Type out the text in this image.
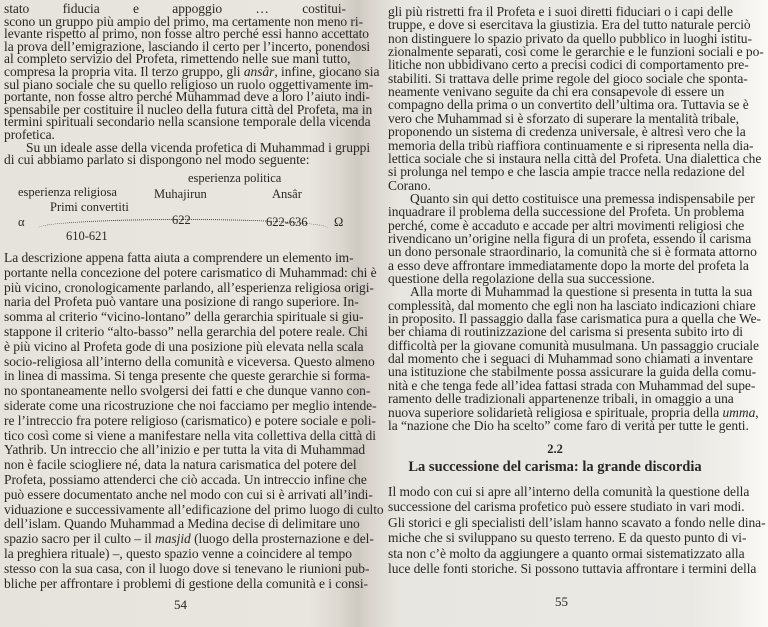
stato fiducia e appoggio … costitui-
scono un gruppo più ampio del primo, ma certamente non meno ri-
levante rispetto al primo, non fosse altro perché essi hanno accettato
la prova dell’emigrazione, lasciando il certo per l’incerto, ponendosi
al completo servizio del Profeta, rimettendo nelle sue mani tutto,
compresa la propria vita. Il terzo gruppo, gli ansâr, infine, giocano sia
sul piano sociale che su quello religioso un ruolo oggettivamente im-
portante, non fosse altro perché Muhammad deve a loro l’aiuto indi-
spensabile per costituire il nucleo della futura città del Profeta, ma in
termini spirituali secondario nella scansione temporale della vicenda
profetica.
Su un ideale asse della vicenda profetica di Muhammad i gruppi
di cui abbiamo parlato si dispongono nel modo seguente:
esperienza politica
esperienza religiosa	Muhajirun	Ansâr
Primi convertiti
α	622	622-636 Ω
610-621
La descrizione appena fatta aiuta a comprendere un elemento im-
portante nella concezione del potere carismatico di Muhammad: chi è
più vicino, cronologicamente parlando, all’esperienza religiosa origi-
naria del Profeta può vantare una posizione di rango superiore. In-
somma al criterio “vicino-lontano” della gerarchia spirituale si giu-
stappone il criterio “alto-basso” nella gerarchia del potere reale. Chi
è più vicino al Profeta gode di una posizione più elevata nella scala
socio-religiosa all’interno della comunità e viceversa. Questo almeno
in linea di massima. Si tenga presente che queste gerarchie si forma-
no spontaneamente nello svolgersi dei fatti e che dunque vanno con-
siderate come una ricostruzione che noi facciamo per meglio intende-
re l’intreccio fra potere religioso (carismatico) e potere sociale e poli-
tico così come si viene a manifestare nella vita collettiva della città di
Yathrib. Un intreccio che all’inizio e per tutta la vita di Muhammad
non è facile sciogliere né, data la natura carismatica del potere del
Profeta, possiamo attenderci che ciò accada. Un intreccio infine che
può essere documentato anche nel modo con cui si è arrivati all’indi-
viduazione e successivamente all’edificazione del primo luogo di culto
dell’islam. Quando Muhammad a Medina decise di delimitare uno
spazio sacro per il culto – il masjid (luogo della prosternazione e del-
la preghiera rituale) –, questo spazio venne a coincidere al tempo
stesso con la sua casa, con il luogo dove si tenevano le riunioni pub-
bliche per affrontare i problemi di gestione della comunità e i consi-
54
gli più ristretti fra il Profeta e i suoi diretti fiduciari o i capi delle
truppe, e dove si esercitava la giustizia. Era del tutto naturale perciò
non distinguere lo spazio privato da quello pubblico in luoghi istitu-
zionalmente separati, così come le gerarchie e le funzioni sociali e po-
litiche non ubbidivano certo a precisi codici di comportamento pre-
stabiliti. Si trattava delle prime regole del gioco sociale che sponta-
neamente venivano seguite da chi era consapevole di essere un
compagno della prima o un convertito dell’ultima ora. Tuttavia se è
vero che Muhammad si è sforzato di superare la mentalità tribale,
proponendo un sistema di credenza universale, è altresì vero che la
memoria della tribù riaffiora continuamente e si ripresenta nella dia-
lettica sociale che si instaura nella città del Profeta. Una dialettica che
si prolunga nel tempo e che lascia ampie tracce nella redazione del
Corano.
Quanto sin qui detto costituisce una premessa indispensabile per
inquadrare il problema della successione del Profeta. Un problema
perché, come è accaduto e accade per altri movimenti religiosi che
rivendicano un’origine nella figura di un profeta, essendo il carisma
un dono personale straordinario, la comunità che si è formata attorno
a esso deve affrontare immediatamente dopo la morte del profeta la
questione della regolazione della sua successione.
Alla morte di Muhammad la questione si presenta in tutta la sua
complessità, dal momento che egli non ha lasciato indicazioni chiare
in proposito. Il passaggio dalla fase carismatica pura a quella che We-
ber chiama di routinizzazione del carisma si presenta subito irto di
difficoltà per la giovane comunità musulmana. Un passaggio cruciale
dal momento che i seguaci di Muhammad sono chiamati a inventare
una istituzione che stabilmente possa assicurare la guida della comu-
nità e che tenga fede all’idea fattasi strada con Muhammad del supe-
ramento delle tradizionali appartenenze tribali, in omaggio a una
nuova superiore solidarietà religiosa e spirituale, propria della umma,
la “nazione che Dio ha scelto” come faro di verità per tutte le genti.
2.2
La successione del carisma: la grande discordia
Il modo con cui si apre all’interno della comunità la questione della
successione del carisma profetico può essere studiato in vari modi.
Gli storici e gli specialisti dell’islam hanno scavato a fondo nelle dina-
miche che si sviluppano su questo terreno. E da questo punto di vi-
sta non c’è molto da aggiungere a quanto ormai sistematizzato alla
luce delle fonti storiche. Si possono tuttavia affrontare i termini della
55
